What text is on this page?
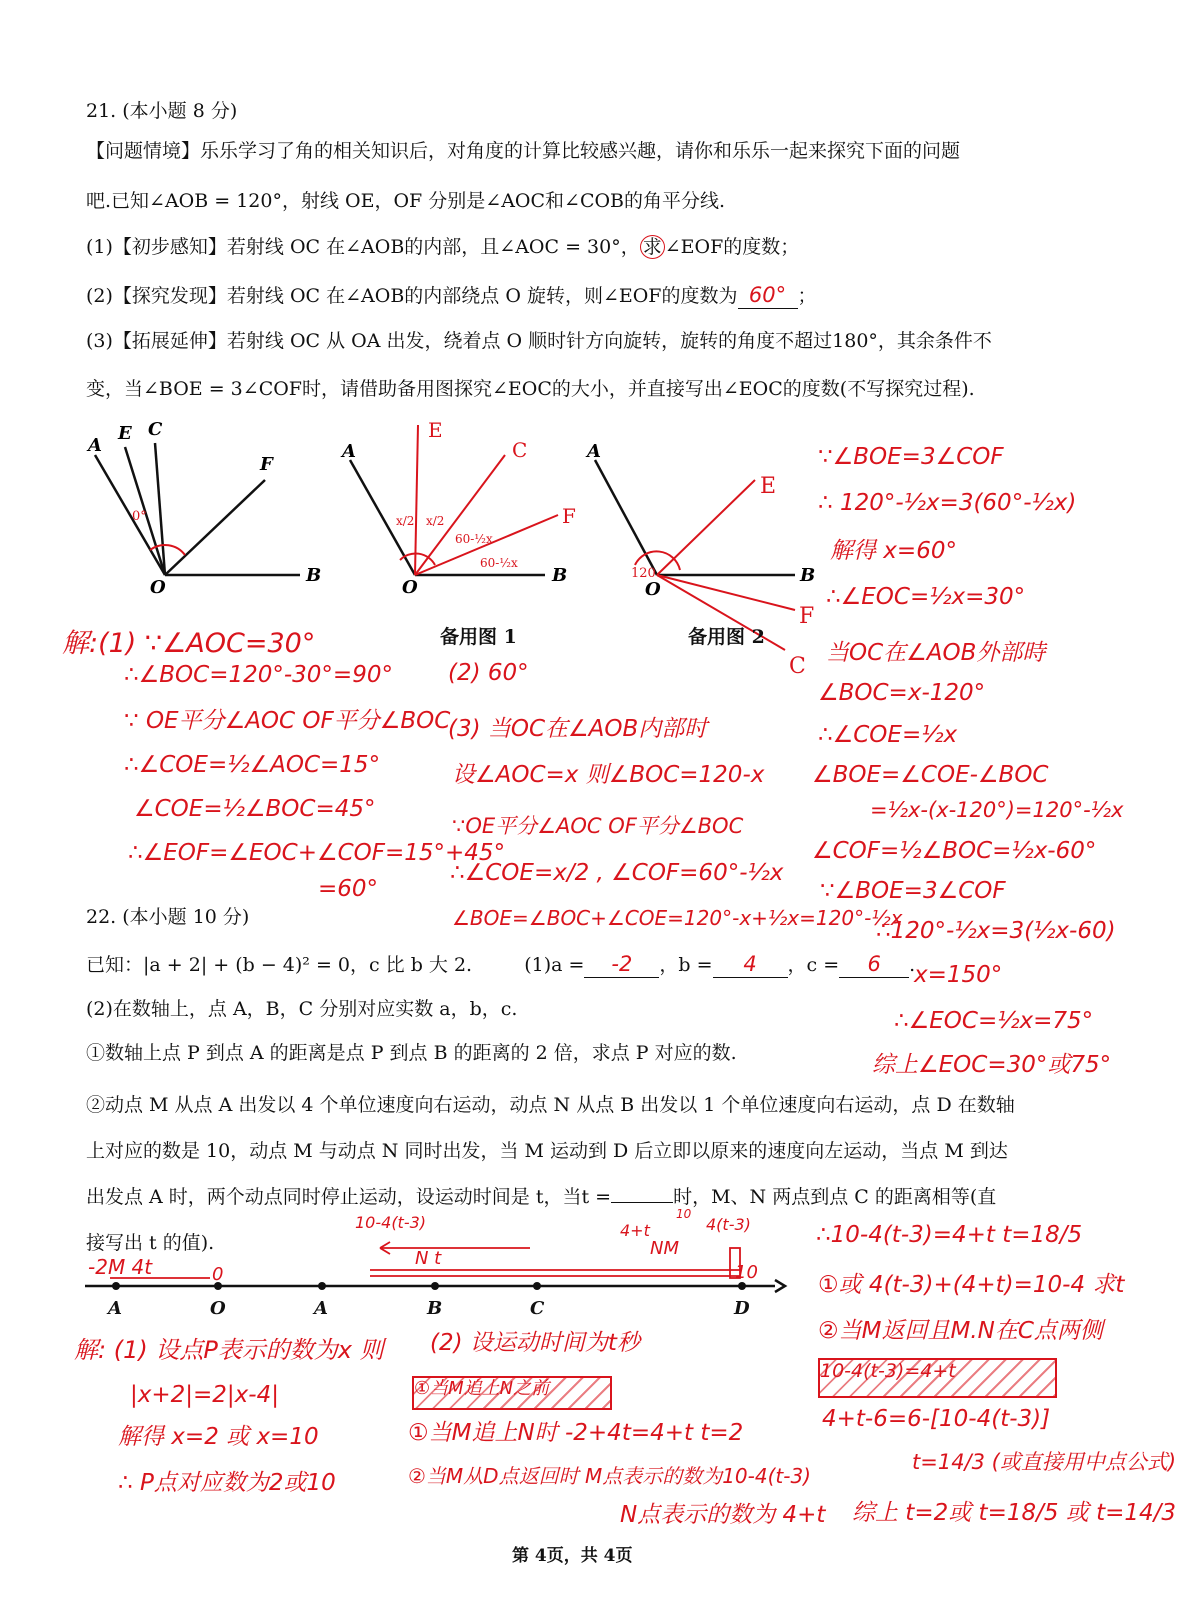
21. (本小题 8 分)
【问题情境】乐乐学习了角的相关知识后，对角度的计算比较感兴趣，请你和乐乐一起来探究下面的问题
吧.已知∠AOB = 120°，射线 OE，OF 分别是∠AOC和∠COB的角平分线.
(1)【初步感知】若射线 OC 在∠AOB的内部，且∠AOC = 30°， 求 ∠EOF的度数；
(2)【探究发现】若射线 OC 在∠AOB的内部绕点 O 旋转，则∠EOF的度数为 60° ；
(3)【拓展延伸】若射线 OC 从 OA 出发，绕着点 O 顺时针方向旋转，旋转的角度不超过180°，其余条件不
变，当∠BOE = 3∠COF时，请借助备用图探究∠EOC的大小，并直接写出∠EOC的度数(不写探究过程).
A
E C
F
O
B
0°
A
E
C
F
O
B
x/2 x/2
60-½x
60-½x
A
E
F
C
O
B
120
备用图 1	备用图 2
∵∠BOE=3∠COF
∴ 120°-½x=3(60°-½x)
解得 x=60°
∴∠EOC=½x=30°
当OC在∠AOB外部時
∠BOC=x-120°
∴∠COE=½x
∠BOE=∠COE-∠BOC
=½x-(x-120°)=120°-½x
∠COF=½∠BOC=½x-60°
∵∠BOE=3∠COF
∴120°-½x=3(½x-60)
x=150°
∴∠EOC=½x=75°
综上∠EOC=30°或75°
解:(1) ∵∠AOC=30°
∴∠BOC=120°-30°=90°
∵ OE平分∠AOC OF平分∠BOC
∴∠COE=½∠AOC=15°
∠COE=½∠BOC=45°
∴∠EOF=∠EOC+∠COF=15°+45°
=60°
(2) 60°
(3) 当OC在∠AOB内部时
设∠AOC=x 则∠BOC=120-x
∵OE平分∠AOC OF平分∠BOC
∴∠COE=x/2 , ∠COF=60°-½x
∠BOE=∠BOC+∠COE=120°-x+½x=120°-½x
22. (本小题 10 分)
已知：|a + 2| + (b − 4)² = 0，c 比 b 大 2.	(1)a = -2 ，b = 4 ，c = 6 .
(2)在数轴上，点 A，B，C 分别对应实数 a，b，c.
①数轴上点 P 到点 A 的距离是点 P 到点 B 的距离的 2 倍，求点 P 对应的数.
②动点 M 从点 A 出发以 4 个单位速度向右运动，动点 N 从点 B 出发以 1 个单位速度向右运动，点 D 在数轴
上对应的数是 10，动点 M 与动点 N 同时出发，当 M 运动到 D 后立即以原来的速度向左运动，当点 M 到达
出发点 A 时，两个动点同时停止运动，设运动时间是 t，当t =	时，M、N 两点到点 C 的距离相等(直
接写出 t 的值).
A	O	A	B	C	D
-2M 4t	0	10
10-4(t-3)
N t
4+t
10
4(t-3)
NM
∴10-4(t-3)=4+t t=18/5
①或 4(t-3)+(4+t)=10-4 求t
②当M返回且M.N在C点两侧
10-4(t-3)=4+t
4+t-6=6-[10-4(t-3)]
t=14/3 (或直接用中点公式)
综上 t=2或 t=18/5 或 t=14/3
解: (1) 设点P表示的数为x 则
|x+2|=2|x-4|
解得 x=2 或 x=10
∴ P点对应数为2或10
(2) 设运动时间为t秒
①当M追上N之前
①当M追上N时 -2+4t=4+t t=2
②当M从D点返回时 M点表示的数为10-4(t-3)
N点表示的数为 4+t
第 4页，共 4页
